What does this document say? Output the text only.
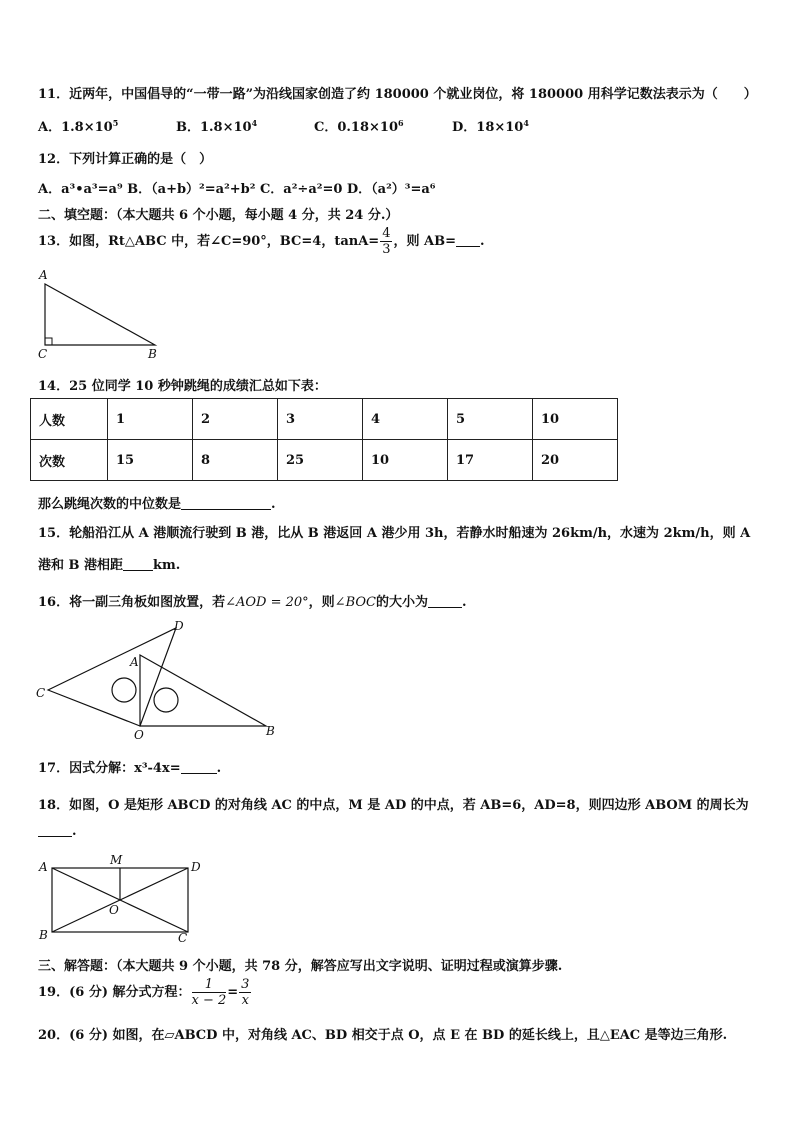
11．近两年，中国倡导的“一带一路”为沿线国家创造了约 180000 个就业岗位，将 180000 用科学记数法表示为（　　）
A．$1.8\times 10^5$	B．$1.8\times 10^4$	C．$0.18\times 10^6$	D．$18\times 10^4$
12．下列计算正确的是（　）
A．a³•a³=a⁹ B．（a+b）²=a²+b² C．a²÷a²=0 D．（a²）³=a⁶
二、填空题：（本大题共 6 个小题，每小题 4 分，共 24 分.）
13．如图，Rt△ABC 中，若∠C=90°，BC=4，$\tan A= \frac{4}{3}$ ，则 AB= .
A
C	B
14．25 位同学 10 秒钟跳绳的成绩汇总如下表：
人数	1	2	3	4	5	10
次数	15	8	25	10	17	20
那么跳绳次数的中位数是	.
15．轮船沿江从 A 港顺流行驶到 B 港，比从 B 港返回 A 港少用 3h，若静水时船速为 26km/h，水速为 2km/h，则 A
港和 B 港相距 km.
16．将一副三角板如图放置，若∠AOD = 20°，则∠BOC的大小为	.
D
A
C
O	B
17．因式分解：x³-4x=	.
18．如图，O 是矩形 ABCD 的对角线 AC 的中点，M 是 AD 的中点，若 AB=6，AD=8，则四边形 ABOM 的周长为
.
A	M	D
O
B	C
三、解答题：（本大题共 9 个小题，共 78 分，解答应写出文字说明、证明过程或演算步骤.
19．(6 分) 解分式方程： $\frac{1}{x - 2} = \frac{3}{x}$
20．(6 分) 如图，在▱ABCD 中，对角线 AC、BD 相交于点 O，点 E 在 BD 的延长线上，且△EAC 是等边三角形.
